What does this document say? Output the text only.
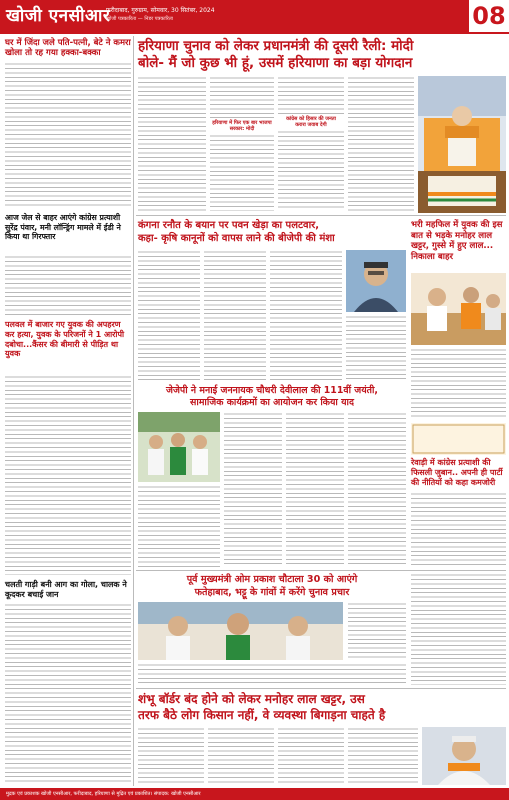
खोजी एनसीआर
फरीदाबाद, गुरुग्राम, सोमवार, 30 सितंबर, 2024
खोजी पत्रकारिता — निडर पत्रकारिता	08
घर में जिंदा जले पति-पत्नी, बेटे ने कमरा खोला तो रह गया हक्का-बक्का
आज जेल से बाहर आएंगे कांग्रेस प्रत्याशी सुरेंद्र पंवार, मनी लॉन्ड्रिंग मामले में ईडी ने किया था गिरफ्तार
पलवल में बाजार गए युवक की अपहरण कर हत्या, युवक के परिजनों ने 1 आरोपी दबोचा...कैंसर की बीमारी से पीड़ित था युवक
चलती गाड़ी बनी आग का गोला, चालक ने कूदकर बचाई जान
हरियाणा चुनाव को लेकर प्रधानमंत्री की दूसरी रैली: मोदी
बोले- मैं जो कुछ भी हूं, उसमें हरियाणा का बड़ा योगदान
हरियाणा में फिर एक बार भाजपा
सरकार: मोदी
कांग्रेस को हिसार की जनता
करारा जवाब देगी
कंगना रनौत के बयान पर पवन खेड़ा का पलटवार,
कहा- कृषि कानूनों को वापस लाने की बीजेपी की मंशा
भरी महफिल में युवक की इस बात से भड़के मनोहर लाल खट्टर, गुस्से में हुए लाल... निकाला बाहर
जेजेपी ने मनाई जननायक चौधरी देवीलाल की 111वीं जयंती,
सामाजिक कार्यक्रमों का आयोजन कर किया याद
रेवाड़ी में कांग्रेस प्रत्याशी की फिसली जुबान.. अपनी ही पार्टी की नीतियों को कहा कमजोरी
पूर्व मुख्यमंत्री ओम प्रकाश चौटाला 30 को आएंगे
फतेहाबाद, भट्टू के गांवों में करेंगे चुनाव प्रचार
शंभू बॉर्डर बंद होने को लेकर मनोहर लाल खट्टर, उस
तरफ बैठे लोग किसान नहीं, वे व्यवस्था बिगाड़ना चाहते है
मुद्रक एवं प्रकाशक खोजी एनसीआर, फरीदाबाद, हरियाणा से मुद्रित एवं प्रकाशित। संपादक: खोजी एनसीआर
